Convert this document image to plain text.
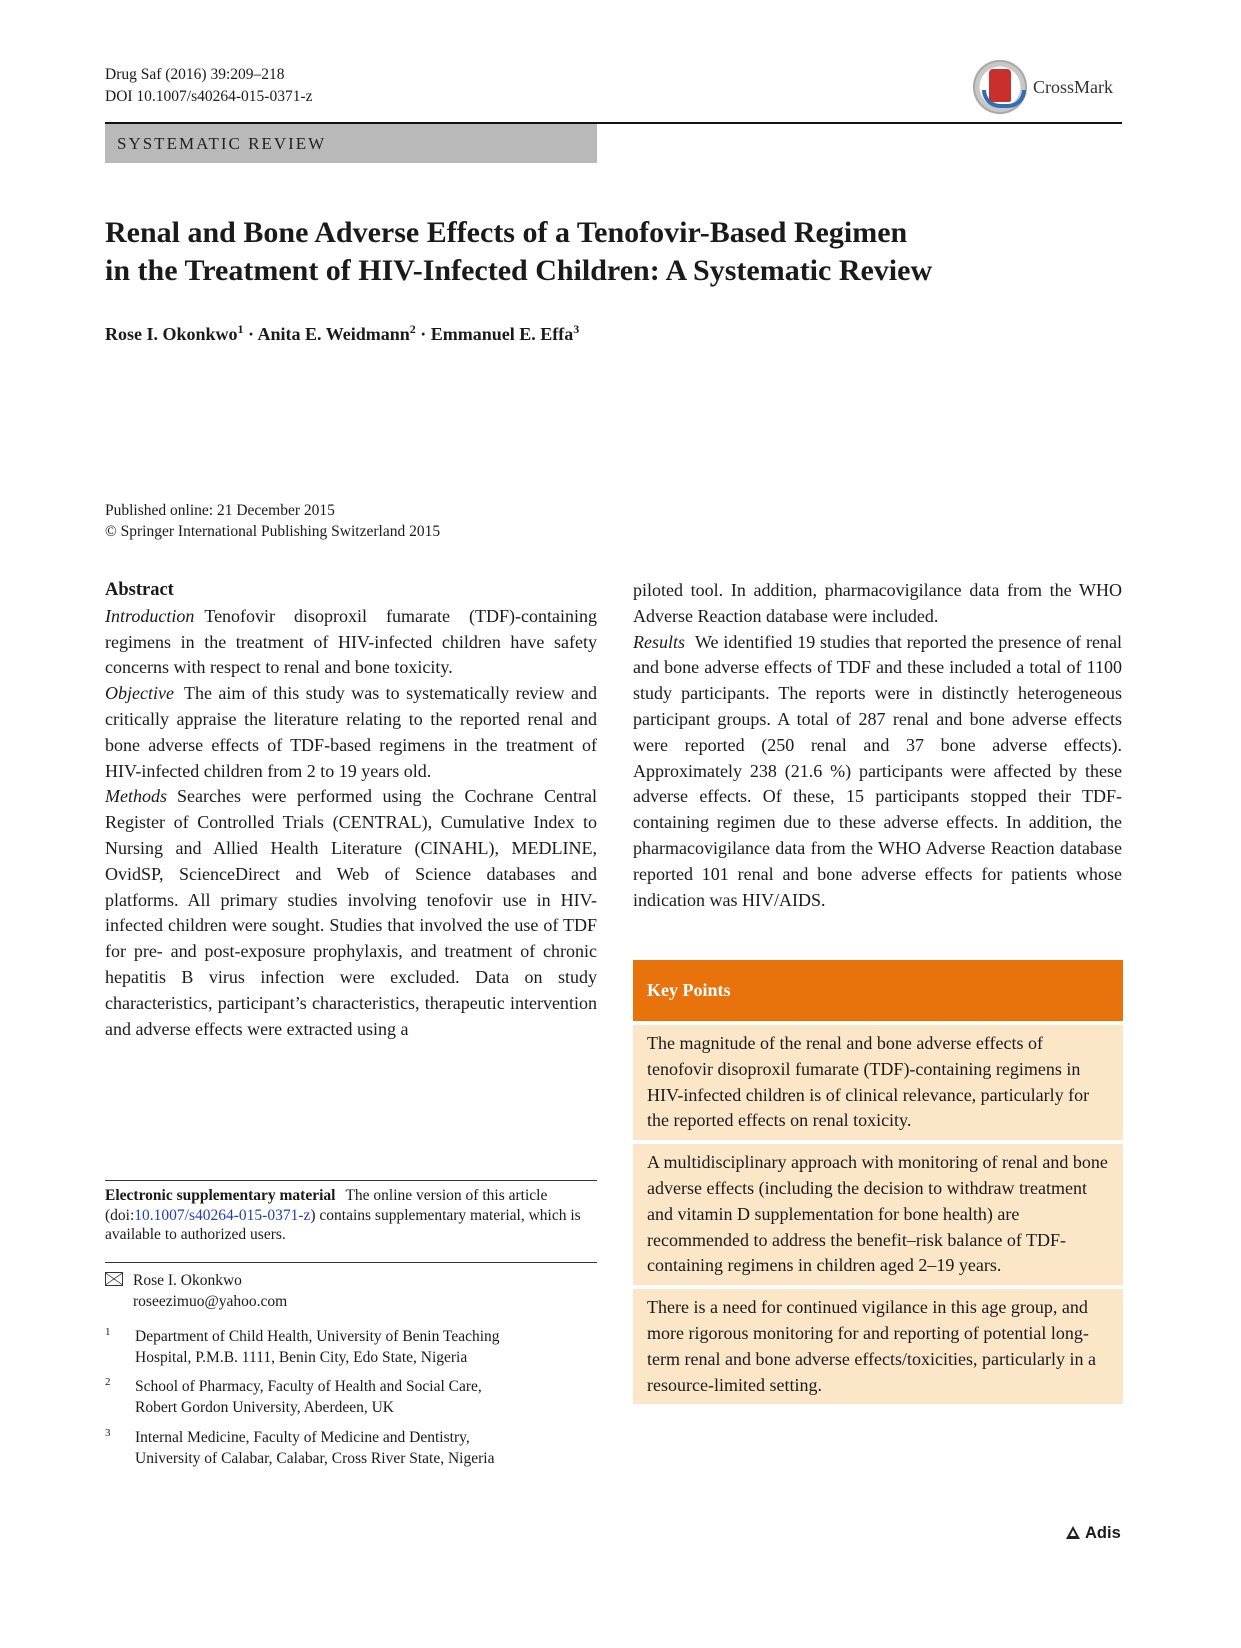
Drug Saf (2016) 39:209–218
DOI 10.1007/s40264-015-0371-z	CrossMark
SYSTEMATIC REVIEW
Renal and Bone Adverse Effects of a Tenofovir-Based Regimen
in the Treatment of HIV-Infected Children: A Systematic Review
Rose I. Okonkwo$^1$ · Anita E. Weidmann$^2$ · Emmanuel E. Effa$^3$
Published online: 21 December 2015
© Springer International Publishing Switzerland 2015

Abstract

Introduction Tenofovir disoproxil fumarate (TDF)-containing regimens in the treatment of HIV-infected children have safety concerns with respect to renal and bone toxicity.

Objective The aim of this study was to systematically review and critically appraise the literature relating to the reported renal and bone adverse effects of TDF-based regimens in the treatment of HIV-infected children from 2 to 19 years old.

Methods Searches were performed using the Cochrane Central Register of Controlled Trials (CENTRAL), Cumulative Index to Nursing and Allied Health Literature (CINAHL), MEDLINE, OvidSP, ScienceDirect and Web of Science databases and platforms. All primary studies involving tenofovir use in HIV-infected children were sought. Studies that involved the use of TDF for pre- and post-exposure prophylaxis, and treatment of chronic hepatitis B virus infection were excluded. Data on study characteristics, participant’s characteristics, therapeutic intervention and adverse effects were extracted using a

piloted tool. In addition, pharmacovigilance data from the WHO Adverse Reaction database were included.

Results We identified 19 studies that reported the presence of renal and bone adverse effects of TDF and these included a total of 1100 study participants. The reports were in distinctly heterogeneous participant groups. A total of 287 renal and bone adverse effects were reported (250 renal and 37 bone adverse effects). Approximately 238 (21.6 %) participants were affected by these adverse effects. Of these, 15 participants stopped their TDF-containing regimen due to these adverse effects. In addition, the pharmacovigilance data from the WHO Adverse Reaction database reported 101 renal and bone adverse effects for patients whose indication was HIV/AIDS.

Electronic supplementary material The online version of this article (doi:10.1007/s40264-015-0371-z) contains supplementary material, which is available to authorized users.
Rose I. Okonkwo
roseezimuo@yahoo.com
1	Department of Child Health, University of Benin Teaching
Hospital, P.M.B. 1111, Benin City, Edo State, Nigeria
2	School of Pharmacy, Faculty of Health and Social Care,
Robert Gordon University, Aberdeen, UK
3	Internal Medicine, Faculty of Medicine and Dentistry,
University of Calabar, Calabar, Cross River State, Nigeria
Key Points
The magnitude of the renal and bone adverse effects of tenofovir disoproxil fumarate (TDF)-containing regimens in HIV-infected children is of clinical relevance, particularly for the reported effects on renal toxicity.
A multidisciplinary approach with monitoring of renal and bone adverse effects (including the decision to withdraw treatment and vitamin D supplementation for bone health) are recommended to address the benefit–risk balance of TDF-containing regimens in children aged 2–19 years.
There is a need for continued vigilance in this age group, and more rigorous monitoring for and reporting of potential long-term renal and bone adverse effects/toxicities, particularly in a resource-limited setting.
Adis
